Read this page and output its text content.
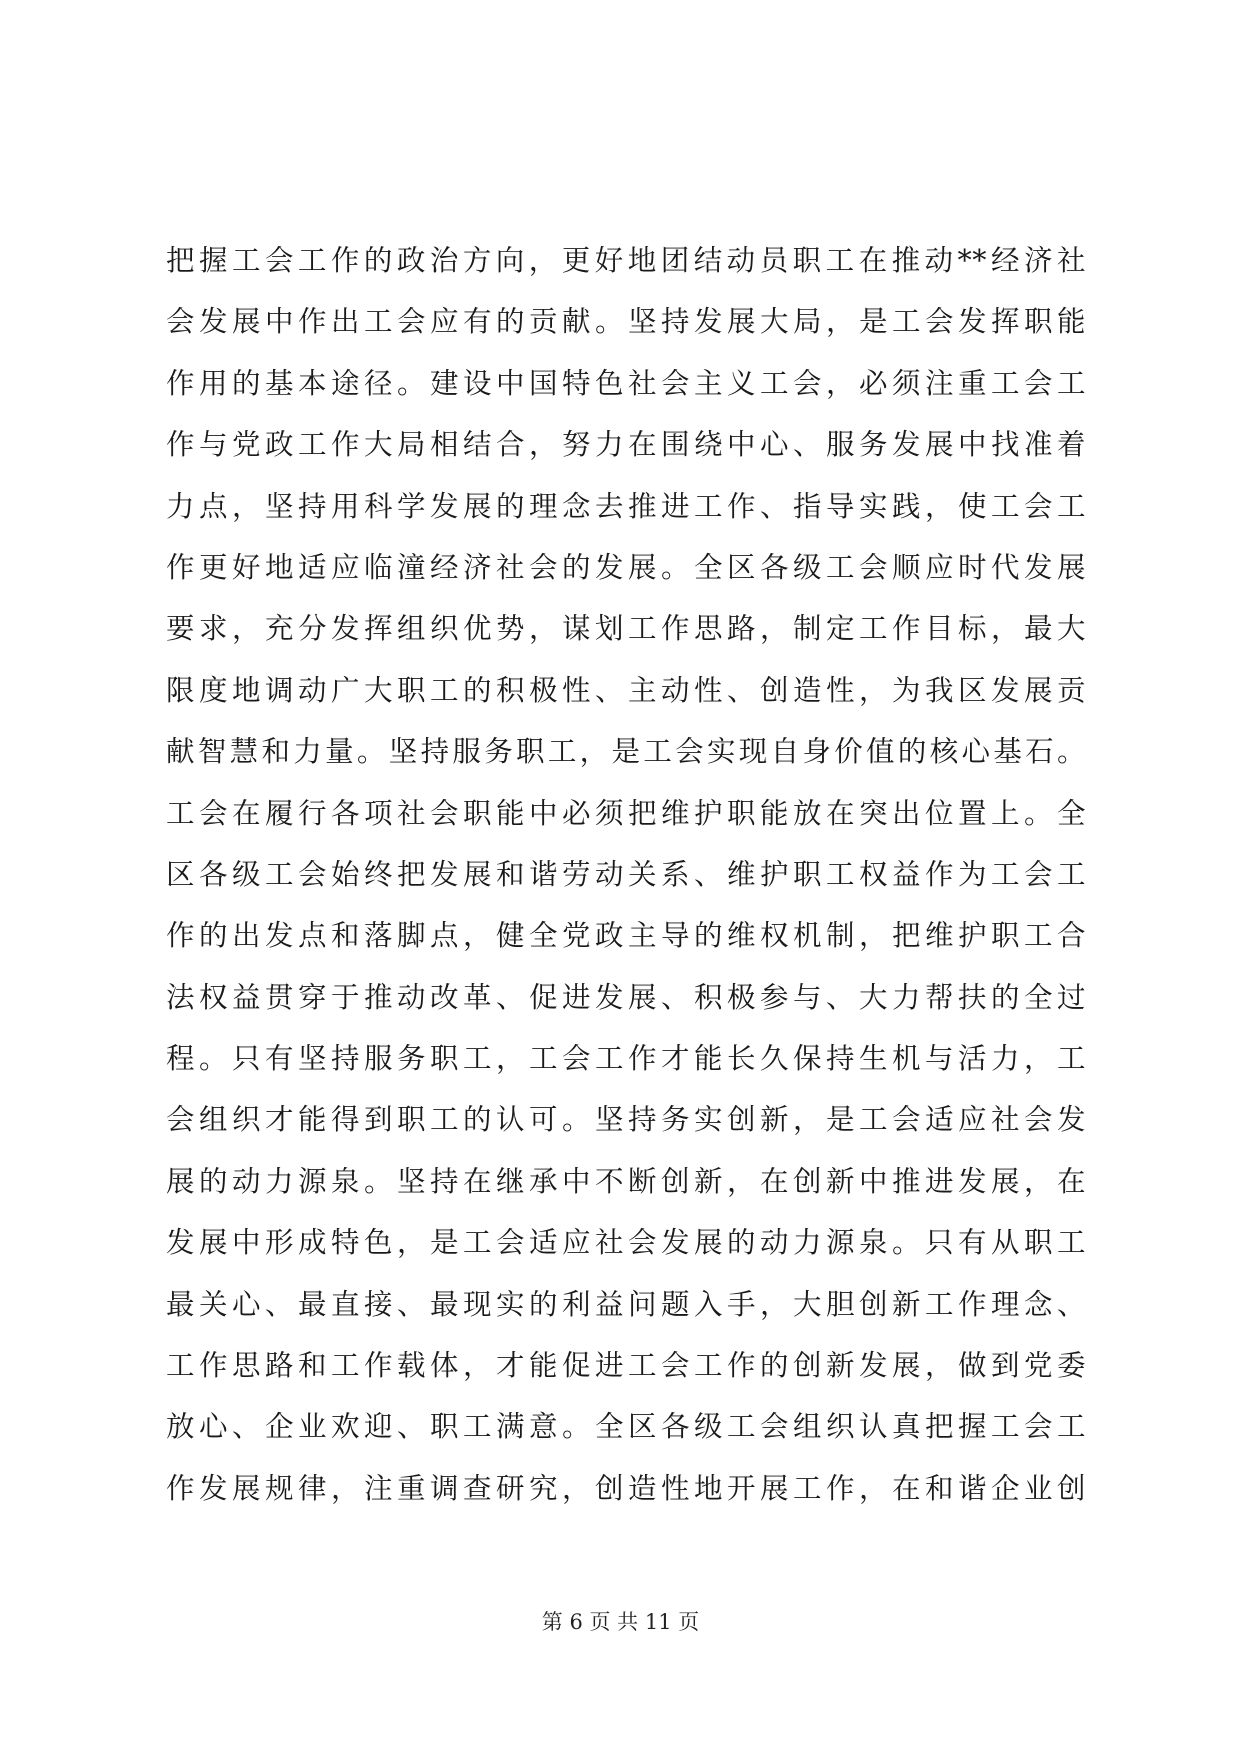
把握工会工作的政治方向，更好地团结动员职工在推动**经济社
会发展中作出工会应有的贡献。坚持发展大局，是工会发挥职能
作用的基本途径。建设中国特色社会主义工会，必须注重工会工
作与党政工作大局相结合，努力在围绕中心、服务发展中找准着
力点，坚持用科学发展的理念去推进工作、指导实践，使工会工
作更好地适应临潼经济社会的发展。全区各级工会顺应时代发展
要求，充分发挥组织优势，谋划工作思路，制定工作目标，最大
限度地调动广大职工的积极性、主动性、创造性，为我区发展贡
献智慧和力量。坚持服务职工，是工会实现自身价值的核心基石。
工会在履行各项社会职能中必须把维护职能放在突出位置上。全
区各级工会始终把发展和谐劳动关系、维护职工权益作为工会工
作的出发点和落脚点，健全党政主导的维权机制，把维护职工合
法权益贯穿于推动改革、促进发展、积极参与、大力帮扶的全过
程。只有坚持服务职工，工会工作才能长久保持生机与活力，工
会组织才能得到职工的认可。坚持务实创新，是工会适应社会发
展的动力源泉。坚持在继承中不断创新，在创新中推进发展，在
发展中形成特色，是工会适应社会发展的动力源泉。只有从职工
最关心、最直接、最现实的利益问题入手，大胆创新工作理念、
工作思路和工作载体，才能促进工会工作的创新发展，做到党委
放心、企业欢迎、职工满意。全区各级工会组织认真把握工会工
作发展规律，注重调查研究，创造性地开展工作，在和谐企业创
第 6 页 共 11 页
